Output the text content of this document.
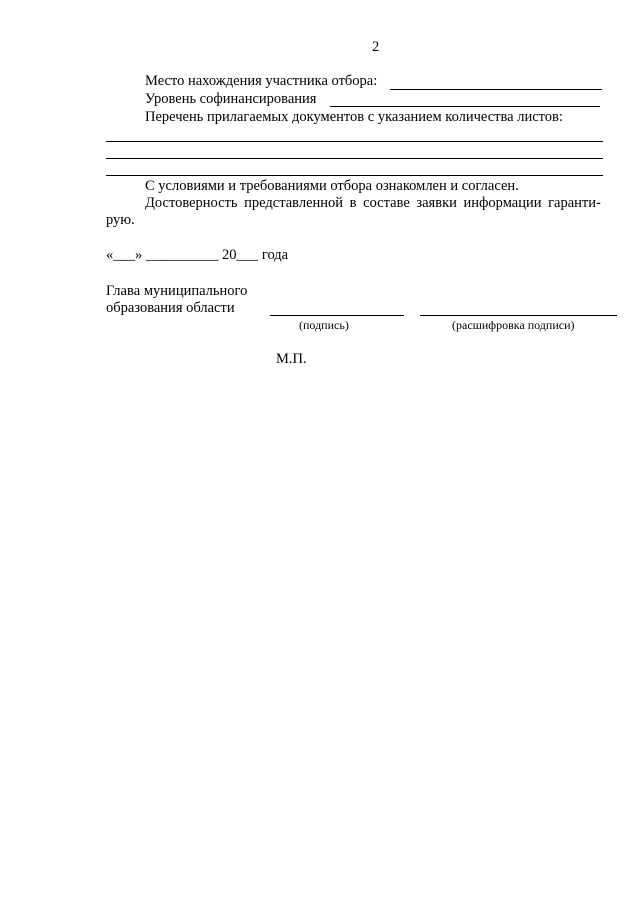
2
Место нахождения участника отбора:
Уровень софинансирования
Перечень прилагаемых документов с указанием количества листов:
С условиями и требованиями отбора ознакомлен и согласен.
Достоверность представленной в составе заявки информации гаранти-
рую.
«___» __________ 20___ года
Главa муниципального
образования области
(подпись)	(расшифровка подписи)
М.П.
